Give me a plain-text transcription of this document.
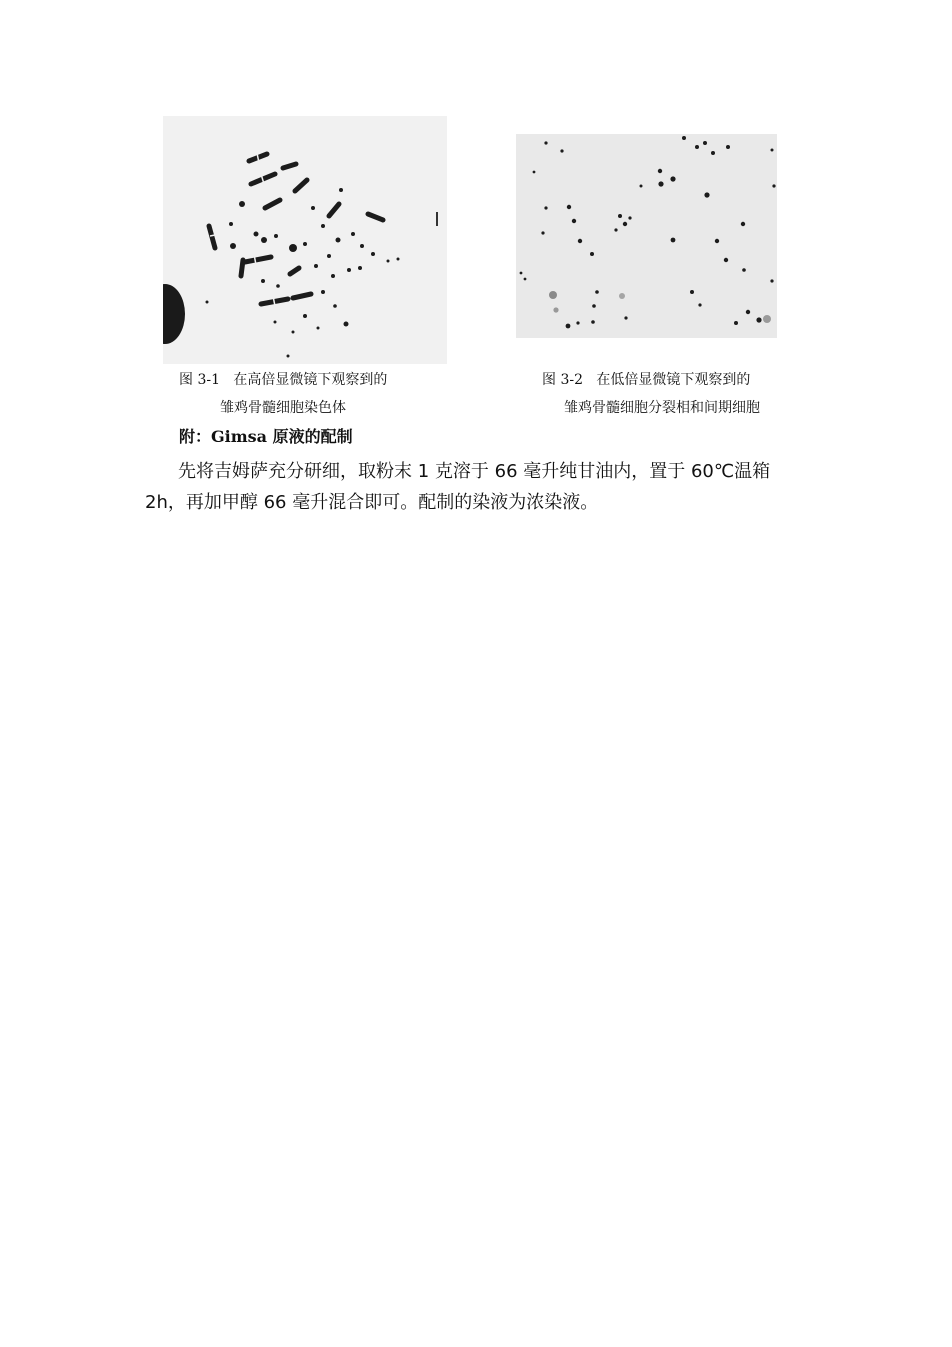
图 3-1 在高倍显微镜下观察到的
雏鸡骨髓细胞染色体
图 3-2 在低倍显微镜下观察到的
雏鸡骨髓细胞分裂相和间期细胞
附：Gimsa 原液的配制
先将吉姆萨充分研细，取粉末 1 克溶于 66 毫升纯甘油内，置于 60℃温箱
2h，再加甲醇 66 毫升混合即可。配制的染液为浓染液。
